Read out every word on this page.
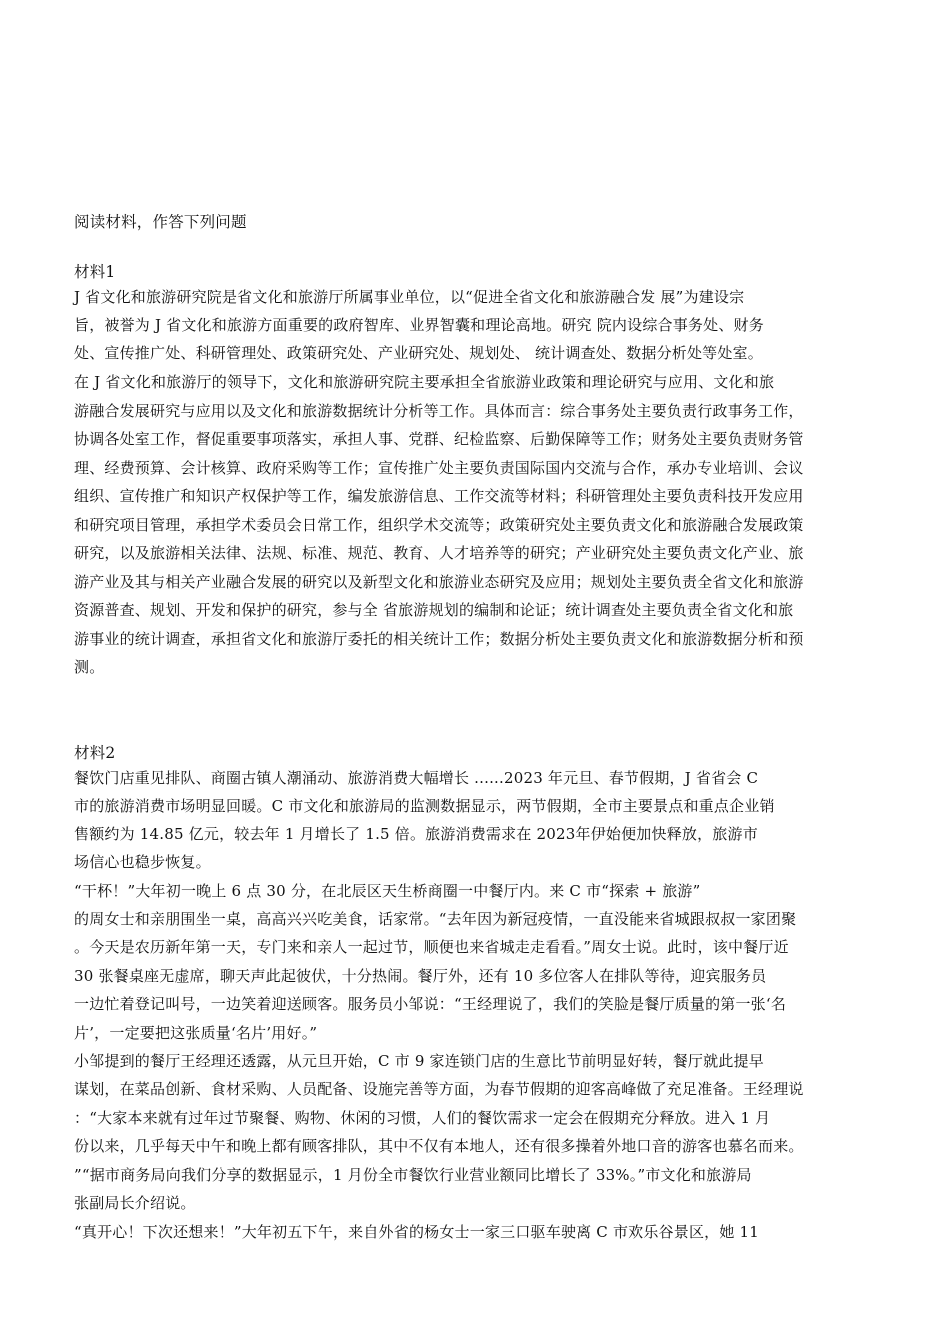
阅读材料，作答下列问题
材料1
J 省文化和旅游研究院是省文化和旅游厅所属事业单位，以“促进全省文化和旅游融合发 展”为建设宗
旨，被誉为 J 省文化和旅游方面重要的政府智库、业界智囊和理论高地。研究 院内设综合事务处、财务
处、宣传推广处、科研管理处、政策研究处、产业研究处、规划处、 统计调查处、数据分析处等处室。
在 J 省文化和旅游厅的领导下，文化和旅游研究院主要承担全省旅游业政策和理论研究与应用、文化和旅
游融合发展研究与应用以及文化和旅游数据统计分析等工作。具体而言：综合事务处主要负责行政事务工作，
协调各处室工作，督促重要事项落实，承担人事、党群、纪检监察、后勤保障等工作；财务处主要负责财务管
理、经费预算、会计核算、政府采购等工作；宣传推广处主要负责国际国内交流与合作，承办专业培训、会议
组织、宣传推广和知识产权保护等工作，编发旅游信息、工作交流等材料；科研管理处主要负责科技开发应用
和研究项目管理，承担学术委员会日常工作，组织学术交流等；政策研究处主要负责文化和旅游融合发展政策
研究，以及旅游相关法律、法规、标准、规范、教育、人才培养等的研究；产业研究处主要负责文化产业、旅
游产业及其与相关产业融合发展的研究以及新型文化和旅游业态研究及应用；规划处主要负责全省文化和旅游
资源普查、规划、开发和保护的研究，参与全 省旅游规划的编制和论证；统计调查处主要负责全省文化和旅
游事业的统计调查，承担省文化和旅游厅委托的相关统计工作；数据分析处主要负责文化和旅游数据分析和预
测。
材料2
餐饮门店重见排队、商圈古镇人潮涌动、旅游消费大幅增长 ......2023 年元旦、春节假期，J 省省会 C
市的旅游消费市场明显回暖。C 市文化和旅游局的监测数据显示，两节假期，全市主要景点和重点企业销
售额约为 14.85 亿元，较去年 1 月增长了 1.5 倍。旅游消费需求在 2023年伊始便加快释放，旅游市
场信心也稳步恢复。
“干杯！”大年初一晚上 6 点 30 分，在北辰区天生桥商圈一中餐厅内。来 C 市“探索 + 旅游”
的周女士和亲朋围坐一桌，高高兴兴吃美食，话家常。“去年因为新冠疫情，一直没能来省城跟叔叔一家团聚
。今天是农历新年第一天，专门来和亲人一起过节，顺便也来省城走走看看。”周女士说。此时，该中餐厅近
30 张餐桌座无虚席，聊天声此起彼伏，十分热闹。餐厅外，还有 10 多位客人在排队等待，迎宾服务员
一边忙着登记叫号，一边笑着迎送顾客。服务员小邹说：“王经理说了，我们的笑脸是餐厅质量的第一张‘名
片’，一定要把这张质量‘名片’用好。”
小邹提到的餐厅王经理还透露，从元旦开始，C 市 9 家连锁门店的生意比节前明显好转，餐厅就此提早
谋划，在菜品创新、食材采购、人员配备、设施完善等方面，为春节假期的迎客高峰做了充足准备。王经理说
：“大家本来就有过年过节聚餐、购物、休闲的习惯，人们的餐饮需求一定会在假期充分释放。进入 1 月
份以来，几乎每天中午和晚上都有顾客排队，其中不仅有本地人，还有很多操着外地口音的游客也慕名而来。
”“据市商务局向我们分享的数据显示，1 月份全市餐饮行业营业额同比增长了 33%。”市文化和旅游局
张副局长介绍说。
“真开心！下次还想来！”大年初五下午，来自外省的杨女士一家三口驱车驶离 C 市欢乐谷景区，她 11
